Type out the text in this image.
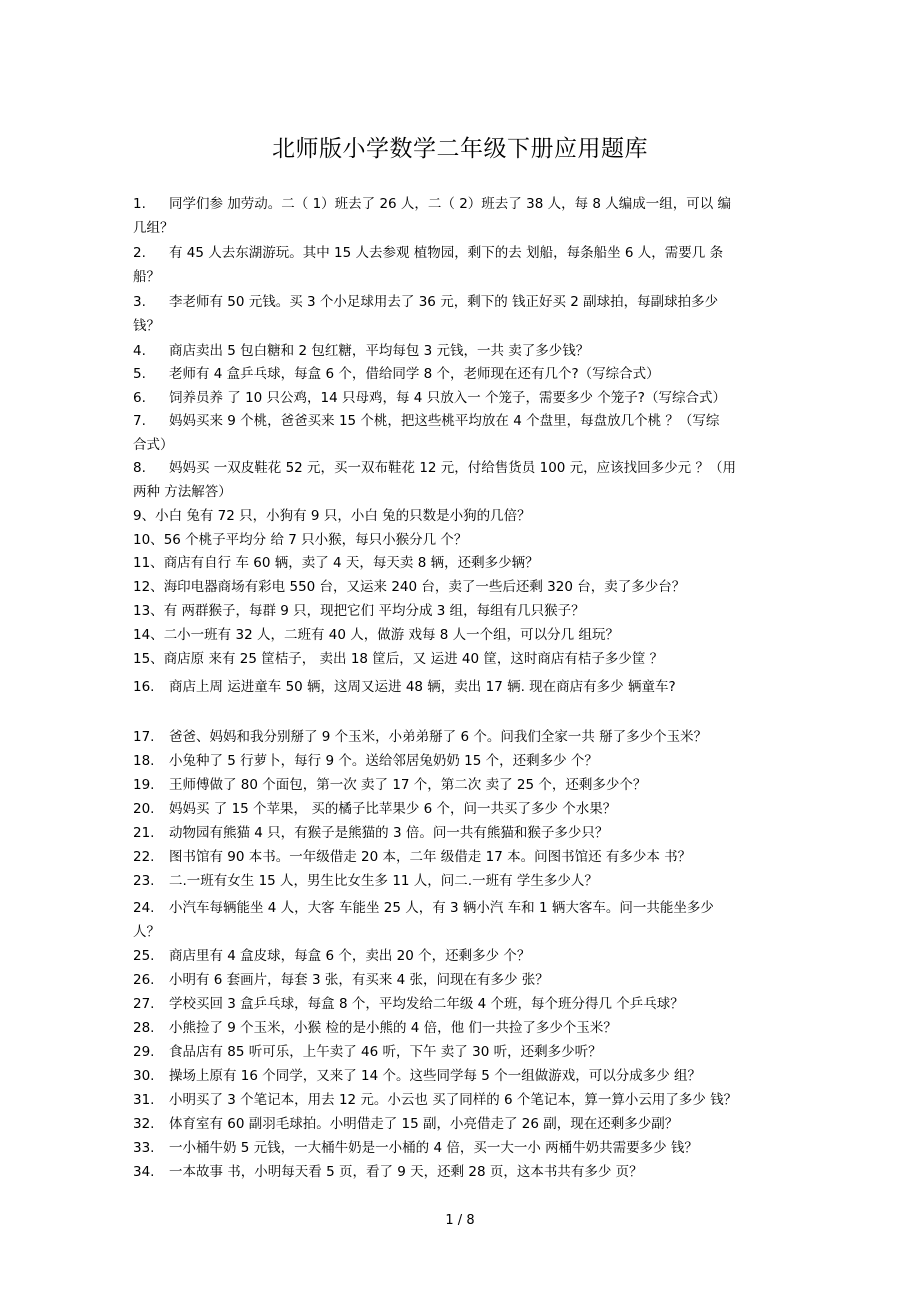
北师版小学数学二年级下册应用题库
1. 同学们参 加劳动。二（ 1）班去了 26 人，二（ 2）班去了 38 人，每 8 人编成一组，可以 编
几组？
2. 有 45 人去东湖游玩。其中 15 人去参观 植物园，剩下的去 划船，每条船坐 6 人，需要几 条
船？
3. 李老师有 50 元钱。买 3 个小足球用去了 36 元，剩下的 钱正好买 2 副球拍，每副球拍多少
钱？
4. 商店卖出 5 包白糖和 2 包红糖，平均每包 3 元钱，一共 卖了多少钱？
5. 老师有 4 盒乒乓球，每盒 6 个，借给同学 8 个，老师现在还有几个?（写综合式）
6. 饲养员养 了 10 只公鸡，14 只母鸡，每 4 只放入一 个笼子，需要多少 个笼子?（写综合式）
7. 妈妈买来 9 个桃，爸爸买来 15 个桃，把这些桃平均放在 4 个盘里，每盘放几个桃 ？（写综
合式）
8. 妈妈买 一双皮鞋花 52 元，买一双布鞋花 12 元，付给售货员 100 元，应该找回多少元 ？（用
两种 方法解答）
9、小白 兔有 72 只，小狗有 9 只，小白 兔的只数是小狗的几倍？
10、56 个桃子平均分 给 7 只小猴，每只小猴分几 个？
11、商店有自行 车 60 辆，卖了 4 天，每天卖 8 辆，还剩多少辆？
12、海印电器商场有彩电 550 台，又运来 240 台，卖了一些后还剩 320 台，卖了多少台？
13、有 两群猴子，每群 9 只，现把它们 平均分成 3 组，每组有几只猴子？
14、二小一班有 32 人，二班有 40 人，做游 戏每 8 人一个组，可以分几 组玩？
15、商店原 来有 25 筐桔子， 卖出 18 筐后，又 运进 40 筐，这时商店有桔子多少筐 ？
16. 商店上周 运进童车 50 辆，这周又运进 48 辆，卖出 17 辆. 现在商店有多少 辆童车?
17. 爸爸、妈妈和我分别掰了 9 个玉米，小弟弟掰了 6 个。问我们全家一共 掰了多少个玉米？
18. 小兔种了 5 行萝卜，每行 9 个。送给邻居兔奶奶 15 个，还剩多少 个？
19. 王师傅做了 80 个面包，第一次 卖了 17 个，第二次 卖了 25 个，还剩多少个？
20. 妈妈买 了 15 个苹果， 买的橘子比苹果少 6 个，问一共买了多少 个水果？
21. 动物园有熊猫 4 只，有猴子是熊猫的 3 倍。问一共有熊猫和猴子多少只？
22. 图书馆有 90 本书。一年级借走 20 本，二年 级借走 17 本。问图书馆还 有多少本 书？
23. 二.一班有女生 15 人，男生比女生多 11 人，问二.一班有 学生多少人？
24. 小汽车每辆能坐 4 人，大客 车能坐 25 人，有 3 辆小汽 车和 1 辆大客车。问一共能坐多少
人？
25. 商店里有 4 盒皮球，每盒 6 个，卖出 20 个，还剩多少 个？
26. 小明有 6 套画片，每套 3 张，有买来 4 张，问现在有多少 张？
27. 学校买回 3 盒乒乓球，每盒 8 个，平均发给二年级 4 个班，每个班分得几 个乒乓球？
28. 小熊捡了 9 个玉米，小猴 检的是小熊的 4 倍，他 们一共捡了多少个玉米？
29. 食品店有 85 听可乐，上午卖了 46 听，下午 卖了 30 听，还剩多少听？
30. 操场上原有 16 个同学，又来了 14 个。这些同学每 5 个一组做游戏，可以分成多少 组？
31. 小明买了 3 个笔记本，用去 12 元。小云也 买了同样的 6 个笔记本，算一算小云用了多少 钱？
32. 体育室有 60 副羽毛球拍。小明借走了 15 副，小亮借走了 26 副，现在还剩多少副？
33. 一小桶牛奶 5 元钱，一大桶牛奶是一小桶的 4 倍，买一大一小 两桶牛奶共需要多少 钱？
34. 一本故事 书，小明每天看 5 页，看了 9 天，还剩 28 页，这本书共有多少 页？
1 / 8
